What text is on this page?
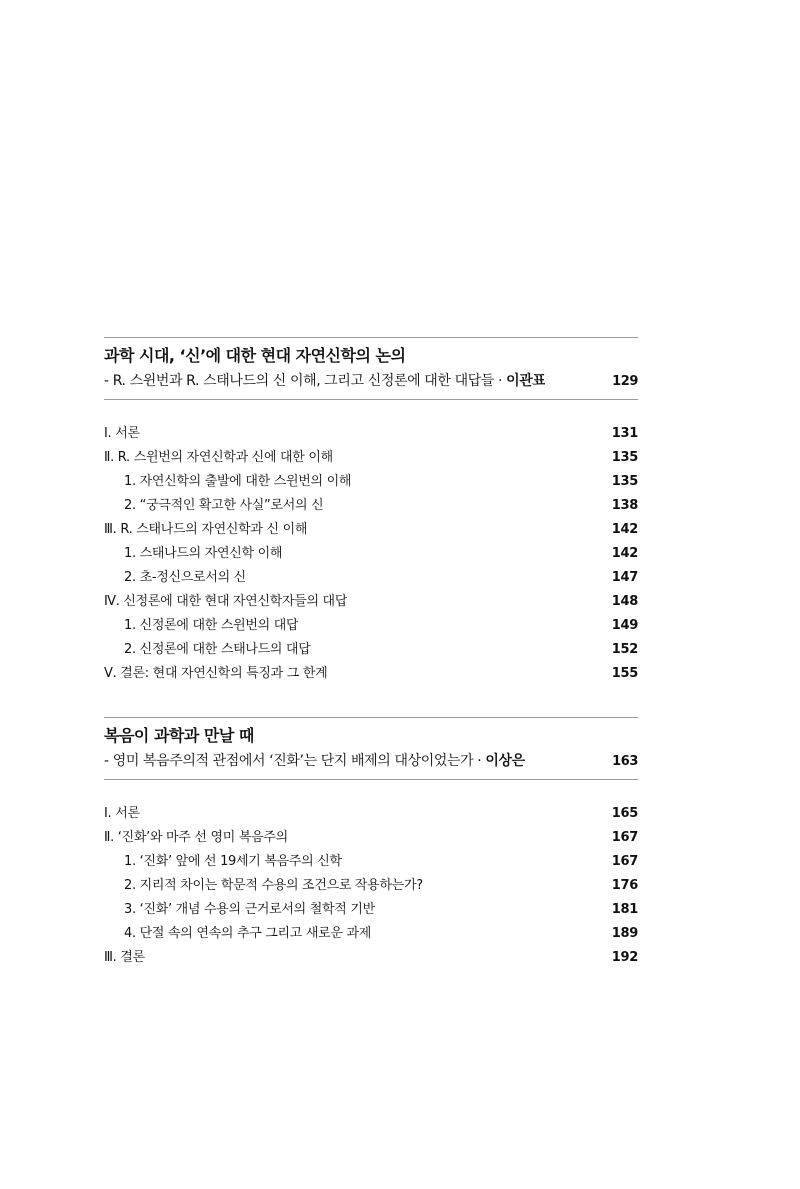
과학 시대, ‘신’에 대한 현대 자연신학의 논의
- R. 스윈번과 R. 스태나드의 신 이해, 그리고 신정론에 대한 대답들 · 이관표	129
Ⅰ. 서론	131
Ⅱ. R. 스윈번의 자연신학과 신에 대한 이해	135
1. 자연신학의 출발에 대한 스윈번의 이해	135
2. “궁극적인 확고한 사실”로서의 신	138
Ⅲ. R. 스태나드의 자연신학과 신 이해	142
1. 스태나드의 자연신학 이해	142
2. 초-정신으로서의 신	147
Ⅳ. 신정론에 대한 현대 자연신학자들의 대답	148
1. 신정론에 대한 스윈번의 대답	149
2. 신정론에 대한 스태나드의 대답	152
Ⅴ. 결론: 현대 자연신학의 특징과 그 한계	155
복음이 과학과 만날 때
- 영미 복음주의적 관점에서 ‘진화’는 단지 배제의 대상이었는가 · 이상은	163
Ⅰ. 서론	165
Ⅱ. ‘진화’와 마주 선 영미 복음주의	167
1. ‘진화’ 앞에 선 19세기 복음주의 신학	167
2. 지리적 차이는 학문적 수용의 조건으로 작용하는가?	176
3. ‘진화’ 개념 수용의 근거로서의 철학적 기반	181
4. 단절 속의 연속의 추구 그리고 새로운 과제	189
Ⅲ. 결론	192
